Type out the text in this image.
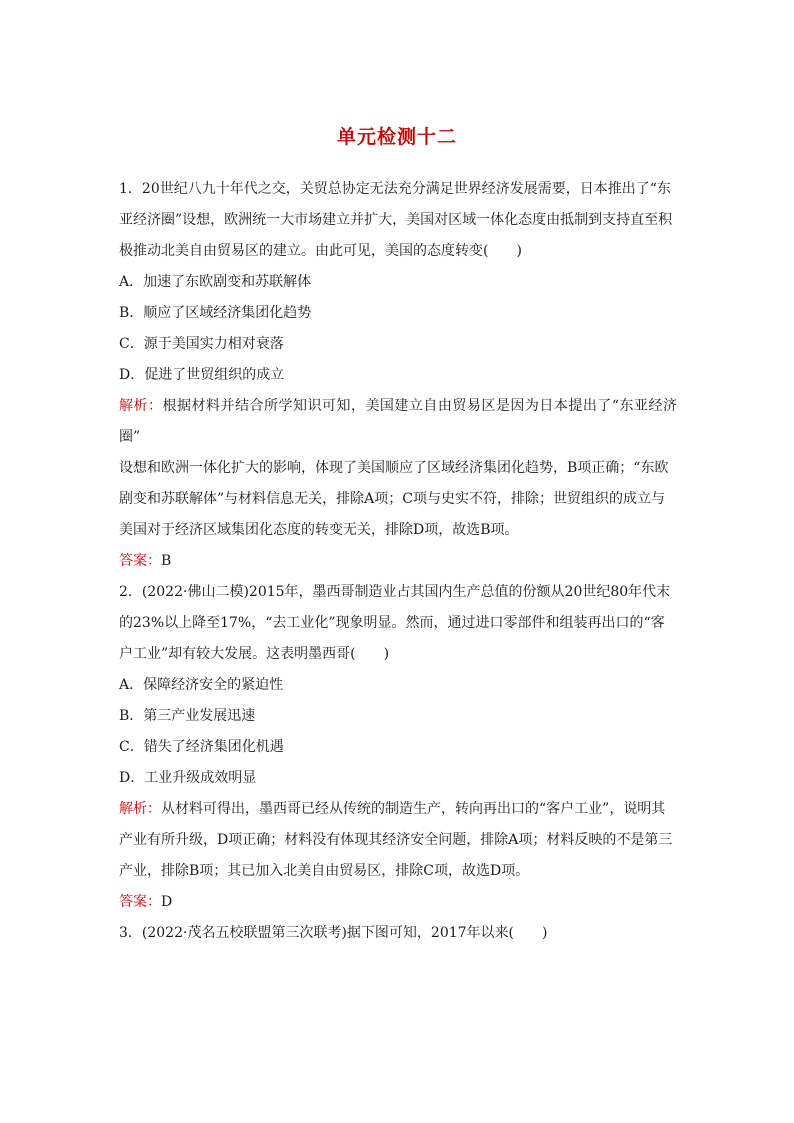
单元检测十二

1．20世纪八九十年代之交，关贸总协定无法充分满足世界经济发展需要，日本推出了“东

亚经济圈”设想，欧洲统一大市场建立并扩大，美国对区域一体化态度由抵制到支持直至积

极推动北美自由贸易区的建立。由此可见，美国的态度转变(　　)

A．加速了东欧剧变和苏联解体

B．顺应了区域经济集团化趋势

C．源于美国实力相对衰落

D．促进了世贸组织的成立

解析：根据材料并结合所学知识可知，美国建立自由贸易区是因为日本提出了“东亚经济圈”

设想和欧洲一体化扩大的影响，体现了美国顺应了区域经济集团化趋势，B项正确；“东欧

剧变和苏联解体”与材料信息无关，排除A项；C项与史实不符，排除；世贸组织的成立与

美国对于经济区域集团化态度的转变无关，排除D项，故选B项。

答案：B

2．(2022·佛山二模)2015年，墨西哥制造业占其国内生产总值的份额从20世纪80年代末

的23%以上降至17%，“去工业化”现象明显。然而，通过进口零部件和组装再出口的“客

户工业”却有较大发展。这表明墨西哥(　　)

A．保障经济安全的紧迫性

B．第三产业发展迅速

C．错失了经济集团化机遇

D．工业升级成效明显

解析：从材料可得出，墨西哥已经从传统的制造生产，转向再出口的“客户工业”，说明其

产业有所升级，D项正确；材料没有体现其经济安全问题，排除A项；材料反映的不是第三

产业，排除B项；其已加入北美自由贸易区，排除C项，故选D项。

答案：D

3．(2022·茂名五校联盟第三次联考)据下图可知，2017年以来(　　)
